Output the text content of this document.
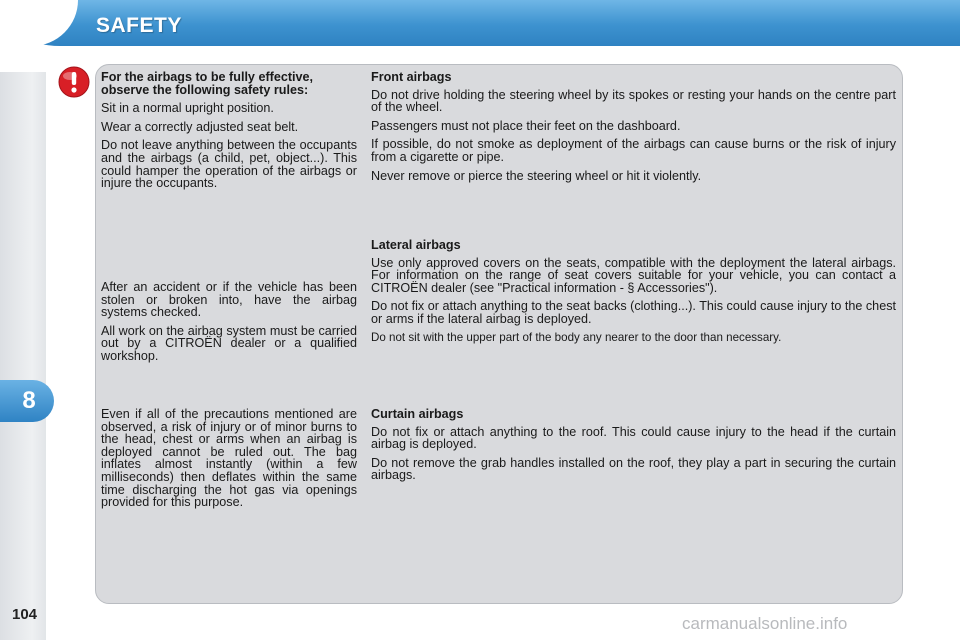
SAFETY
8
104
For the airbags to be fully effective, observe the following safety rules:
Sit in a normal upright position.
Wear a correctly adjusted seat belt.
Do not leave anything between the occupants and the airbags (a child, pet, object...). This could hamper the operation of the airbags or injure the occupants.
After an accident or if the vehicle has been stolen or broken into, have the airbag systems checked.
All work on the airbag system must be carried out by a CITROËN dealer or a qualified workshop.
Even if all of the precautions mentioned are observed, a risk of injury or of minor burns to the head, chest or arms when an airbag is deployed cannot be ruled out. The bag inflates almost instantly (within a few milliseconds) then deflates within the same time discharging the hot gas via openings provided for this purpose.
Front airbags
Do not drive holding the steering wheel by its spokes or resting your hands on the centre part of the wheel.
Passengers must not place their feet on the dashboard.
If possible, do not smoke as deployment of the airbags can cause burns or the risk of injury from a cigarette or pipe.
Never remove or pierce the steering wheel or hit it violently.
Lateral airbags
Use only approved covers on the seats, compatible with the deployment the lateral airbags. For information on the range of seat covers suitable for your vehicle, you can contact a CITROËN dealer (see "Practical information - § Accessories").
Do not fix or attach anything to the seat backs (clothing...). This could cause injury to the chest or arms if the lateral airbag is deployed.
Do not sit with the upper part of the body any nearer to the door than necessary.
Curtain airbags
Do not fix or attach anything to the roof. This could cause injury to the head if the curtain airbag is deployed.
Do not remove the grab handles installed on the roof, they play a part in securing the curtain airbags.
carmanualsonline.info
